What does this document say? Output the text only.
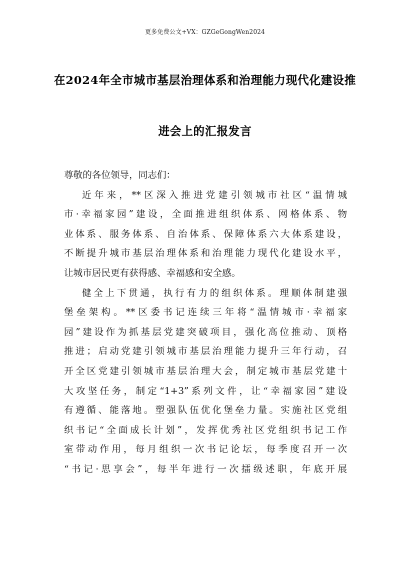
更多免费公文+VX：GZGeGongWen2024
在2024年全市城市基层治理体系和治理能力现代化建设推
进会上的汇报发言
尊敬的各位领导，同志们：
近年来，**区深入推进党建引领城市社区“温情城
市·幸福家园”建设，全面推进组织体系、网格体系、物
业体系、服务体系、自治体系、保障体系六大体系建设，
不断提升城市基层治理体系和治理能力现代化建设水平，
让城市居民更有获得感、幸福感和安全感。
健全上下贯通，执行有力的组织体系。理顺体制建强
堡垒架构。**区委书记连续三年将“温情城市·幸福家
园”建设作为抓基层党建突破项目，强化高位推动、顶格
推进；启动党建引领城市基层治理能力提升三年行动，召
开全区党建引领城市基层治理大会，制定城市基层党建十
大攻坚任务，制定“1+3”系列文件，让“幸福家园”建设
有遵循、能落地。塑强队伍优化堡垒力量。实施社区党组
织书记“全面成长计划”，发挥优秀社区党组织书记工作
室带动作用，每月组织一次书记论坛，每季度召开一次
“书记·思享会”，每半年进行一次擂级述职，年底开展
